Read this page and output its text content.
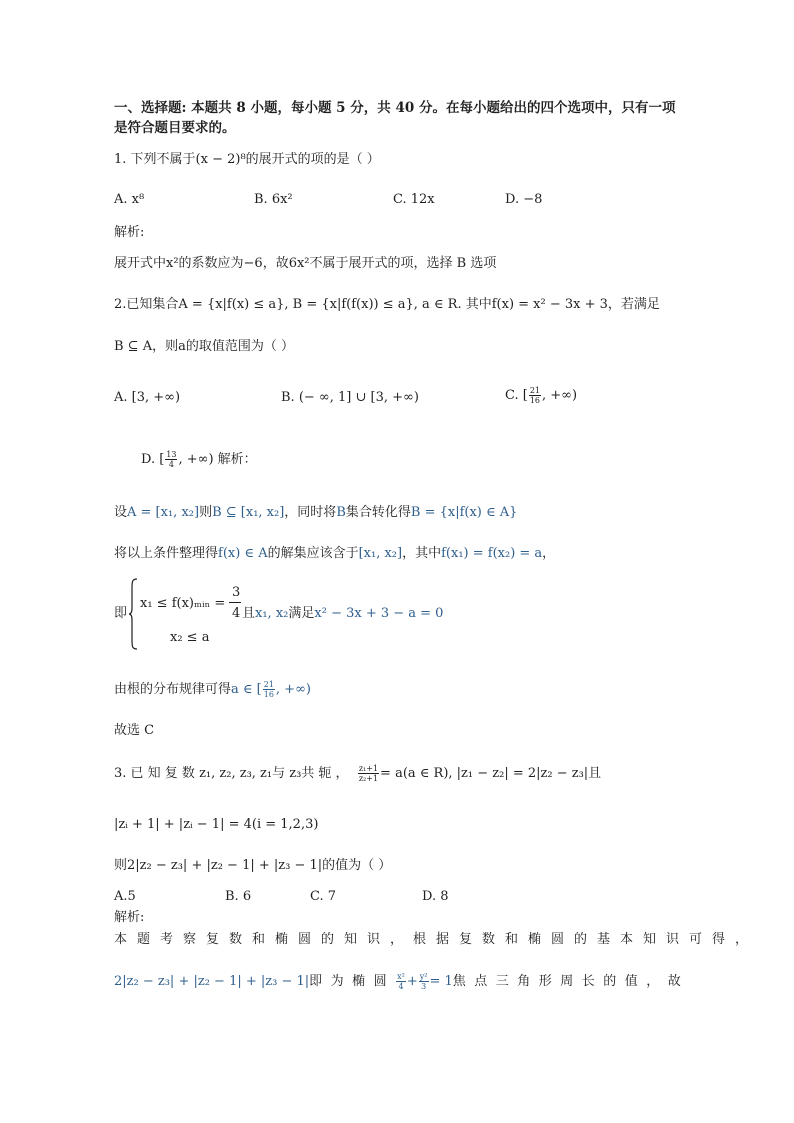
一、选择题: 本题共 8 小题，每小题 5 分，共 40 分。在每小题给出的四个选项中，只有一项
是符合题目要求的。
1. 下列不属于(x − 2)⁸的展开式的项的是（ ）
A. x⁸	B. 6x²	C. 12x	D. −8
解析:
展开式中x²的系数应为−6，故6x²不属于展开式的项，选择 B 选项
2.已知集合A = {x|f(x) ≤ a}, B = {x|f(f(x)) ≤ a}, a ∈ R. 其中f(x) = x² − 3x + 3，若满足
B ⊆ A，则a的取值范围为（ ）
A. [3, +∞)	B. (− ∞, 1] ∪ [3, +∞)	C. [ $\frac{21}{16}$ , +∞)
D. [ $\frac{13}{4}$ , +∞) 解析：
设A = [x₁, x₂]则B ⊆ [x₁, x₂]，同时将B集合转化得B = {x|f(x) ∈ A}
将以上条件整理得f(x) ∈ A的解集应该含于[x₁, x₂]，其中f(x₁) = f(x₂) = a，
即
x₁ ≤ f(x)ₘᵢₙ =
3
4 且x₁, x₂满足x² − 3x + 3 − a = 0
x₂ ≤ a
由根的分布规律可得a ∈ [ $\frac{21}{16}$ , +∞)
故选 C
3. 已 知 复 数 z₁, z₂, z₃, z₁与 z₃共 轭 ， $\frac{\text{z₁+1}}{\text{z₂+1}} = a(a$ ∈ R), |z₁ − z₂| = 2|z₂ − z₃|且
|zᵢ + 1| + |zᵢ − 1| = 4(i = 1,2,3)
则2|z₂ − z₃| + |z₂ − 1| + |z₃ − 1|的值为（ ）
A.5	B. 6	C. 7	D. 8
解析:
本题考察复数和椭圆的知识，根据复数和椭圆的基本知识可得，
2|z₂ − z₃| + |z₂ − 1| + |z₃ − 1|即为椭圆 $\frac{\text{x²}}{4} + \frac{\text{y²}}{3} = 1$焦点三角形周长的值，故
